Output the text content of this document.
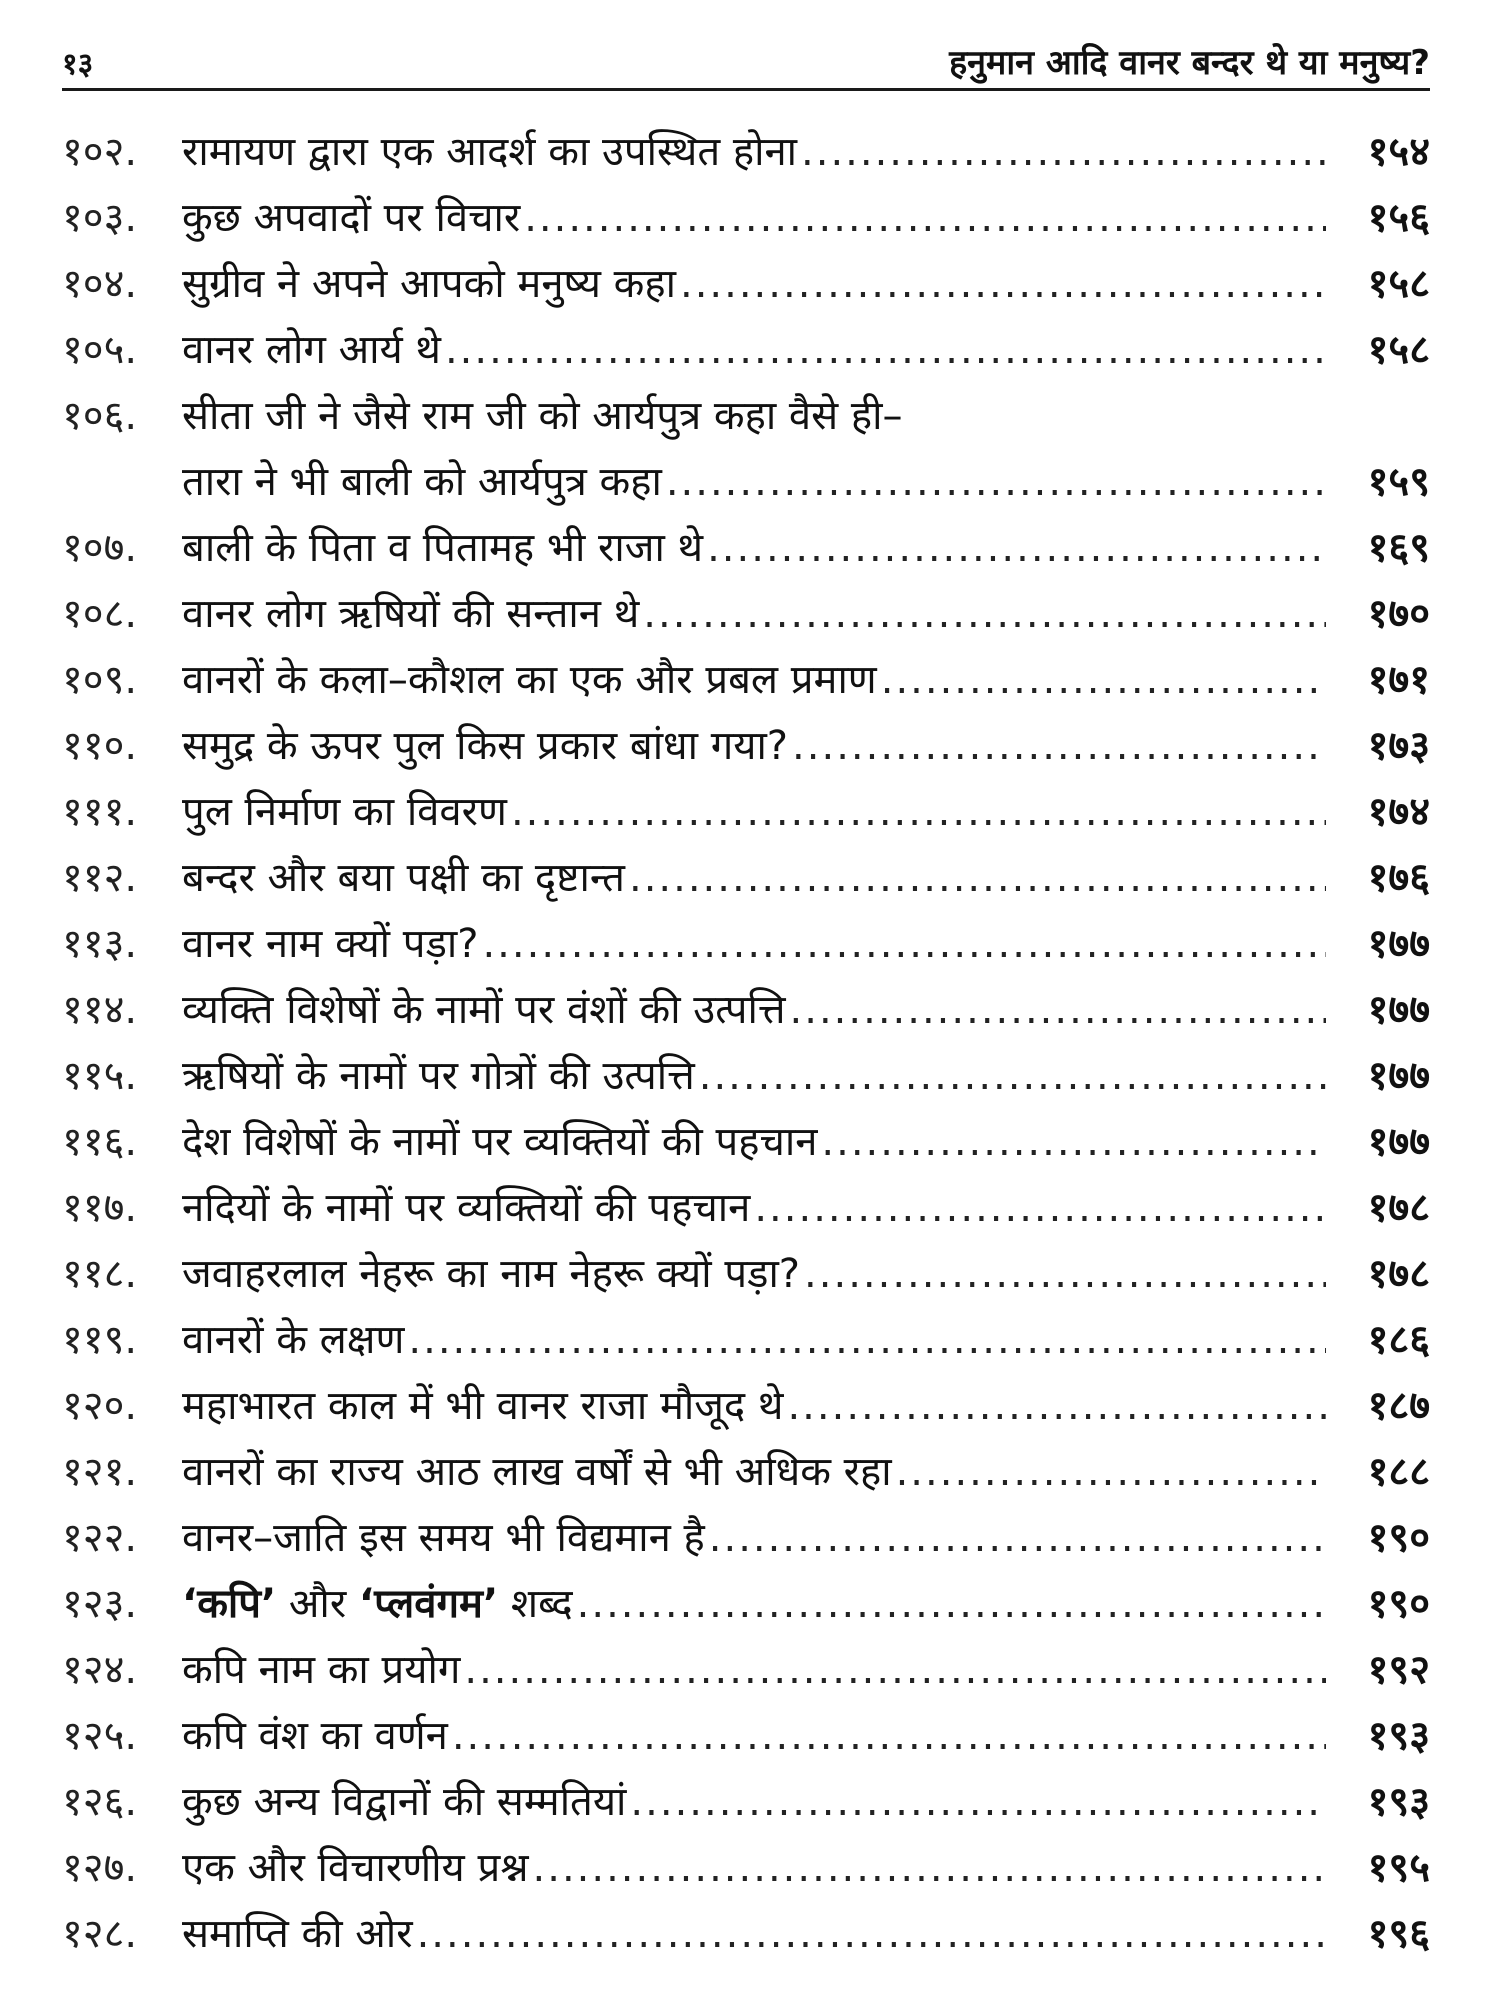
१३	हनुमान आदि वानर बन्दर थे या मनुष्य?
१०२.	रामायण द्वारा एक आदर्श का उपस्थित होना .....	१५४
१०३.	कुछ अपवादों पर विचार .....	१५६
१०४.	सुग्रीव ने अपने आपको मनुष्य कहा .....	१५८
१०५.	वानर लोग आर्य थे .....	१५८
१०६.	सीता जी ने जैसे राम जी को आर्यपुत्र कहा वैसे ही–
तारा ने भी बाली को आर्यपुत्र कहा .....	१५९
१०७.	बाली के पिता व पितामह भी राजा थे .....	१६९
१०८.	वानर लोग ऋषियों की सन्तान थे .....	१७०
१०९.	वानरों के कला–कौशल का एक और प्रबल प्रमाण .....	१७१
११०.	समुद्र के ऊपर पुल किस प्रकार बांधा गया? .....	१७३
१११.	पुल निर्माण का विवरण .....	१७४
११२.	बन्दर और बया पक्षी का दृष्टान्त .....	१७६
११३.	वानर नाम क्यों पड़ा? .....	१७७
११४.	व्यक्ति विशेषों के नामों पर वंशों की उत्पत्ति .....	१७७
११५.	ऋषियों के नामों पर गोत्रों की उत्पत्ति .....	१७७
११६.	देश विशेषों के नामों पर व्यक्तियों की पहचान .....	१७७
११७.	नदियों के नामों पर व्यक्तियों की पहचान .....	१७८
११८.	जवाहरलाल नेहरू का नाम नेहरू क्यों पड़ा? .....	१७८
११९.	वानरों के लक्षण .....	१८६
१२०.	महाभारत काल में भी वानर राजा मौजूद थे .....	१८७
१२१.	वानरों का राज्य आठ लाख वर्षों से भी अधिक रहा .....	१८८
१२२.	वानर–जाति इस समय भी विद्यमान है .....	१९०
१२३.	‘कपि’ और ‘प्लवंगम’ शब्द .....	१९०
१२४.	कपि नाम का प्रयोग .....	१९२
१२५.	कपि वंश का वर्णन .....	१९३
१२६.	कुछ अन्य विद्वानों की सम्मतियां .....	१९३
१२७.	एक और विचारणीय प्रश्न .....	१९५
१२८.	समाप्ति की ओर .....	१९६
